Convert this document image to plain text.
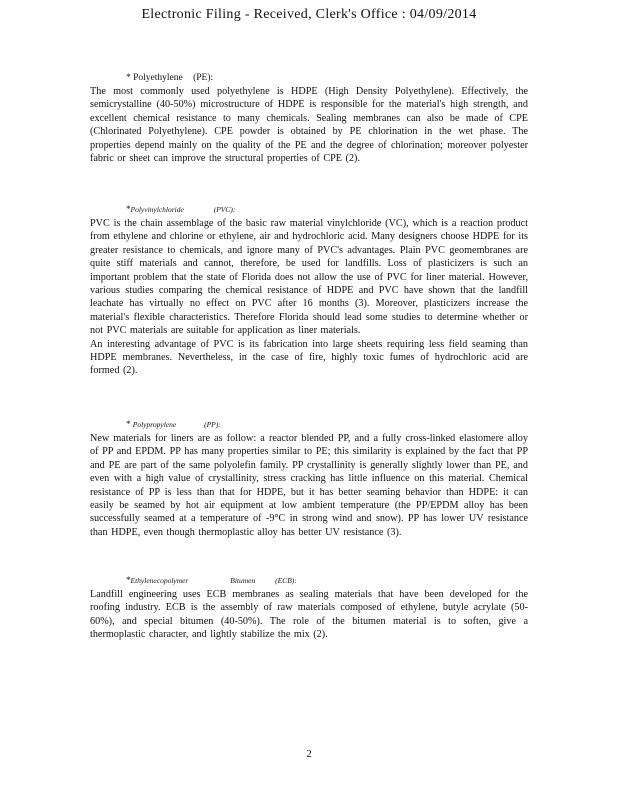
Electronic Filing - Received, Clerk's Office : 04/09/2014
* Polyethylene (PE):

The most commonly used polyethylene is HDPE (High Density Polyethylene). Effectively, the semicrystalline (40-50%) microstructure of HDPE is responsible for the material's high strength, and excellent chemical resistance to many chemicals. Sealing membranes can also be made of CPE (Chlorinated Polyethylene). CPE powder is obtained by PE chlorination in the wet phase. The properties depend mainly on the quality of the PE and the degree of chlorination; moreover polyester fabric or sheet can improve the structural properties of CPE (2).

*Polyvinylchloride	(PVC):

PVC is the chain assemblage of the basic raw material vinylchloride (VC), which is a reaction product from ethylene and chlorine or ethylene, air and hydrochloric acid. Many designers choose HDPE for its greater resistance to chemicals, and ignore many of PVC's advantages. Plain PVC geomembranes are quite stiff materials and cannot, therefore, be used for landfills. Loss of plasticizers is such an important problem that the state of Florida does not allow the use of PVC for liner material. However, various studies comparing the chemical resistance of HDPE and PVC have shown that the landfill leachate has virtually no effect on PVC after 16 months (3). Moreover, plasticizers increase the material's flexible characteristics. Therefore Florida should lead some studies to determine whether or not PVC materials are suitable for application as liner materials.

An interesting advantage of PVC is its fabrication into large sheets requiring less field seaming than HDPE membranes. Nevertheless, in the case of fire, highly toxic fumes of hydrochloric acid are formed (2).

* Polypropylene	(PP):

New materials for liners are as follow: a reactor blended PP, and a fully cross-linked elastomere alloy of PP and EPDM. PP has many properties similar to PE; this similarity is explained by the fact that PP and PE are part of the same polyolefin family. PP crystallinity is generally slightly lower than PE, and even with a high value of crystallinity, stress cracking has little influence on this material. Chemical resistance of PP is less than that for HDPE, but it has better seaming behavior than HDPE: it can easily be seamed by hot air equipment at low ambient temperature (the PP/EPDM alloy has been successfully seamed at a temperature of -9°C in strong wind and snow). PP has lower UV resistance than HDPE, even though thermoplastic alloy has better UV resistance (3).

*Ethylenecopolymer	Bitumen	(ECB):

Landfill engineering uses ECB membranes as sealing materials that have been developed for the roofing industry. ECB is the assembly of raw materials composed of ethylene, butyle acrylate (50-60%), and special bitumen (40-50%). The role of the bitumen material is to soften, give a thermoplastic character, and lightly stabilize the mix (2).

2
